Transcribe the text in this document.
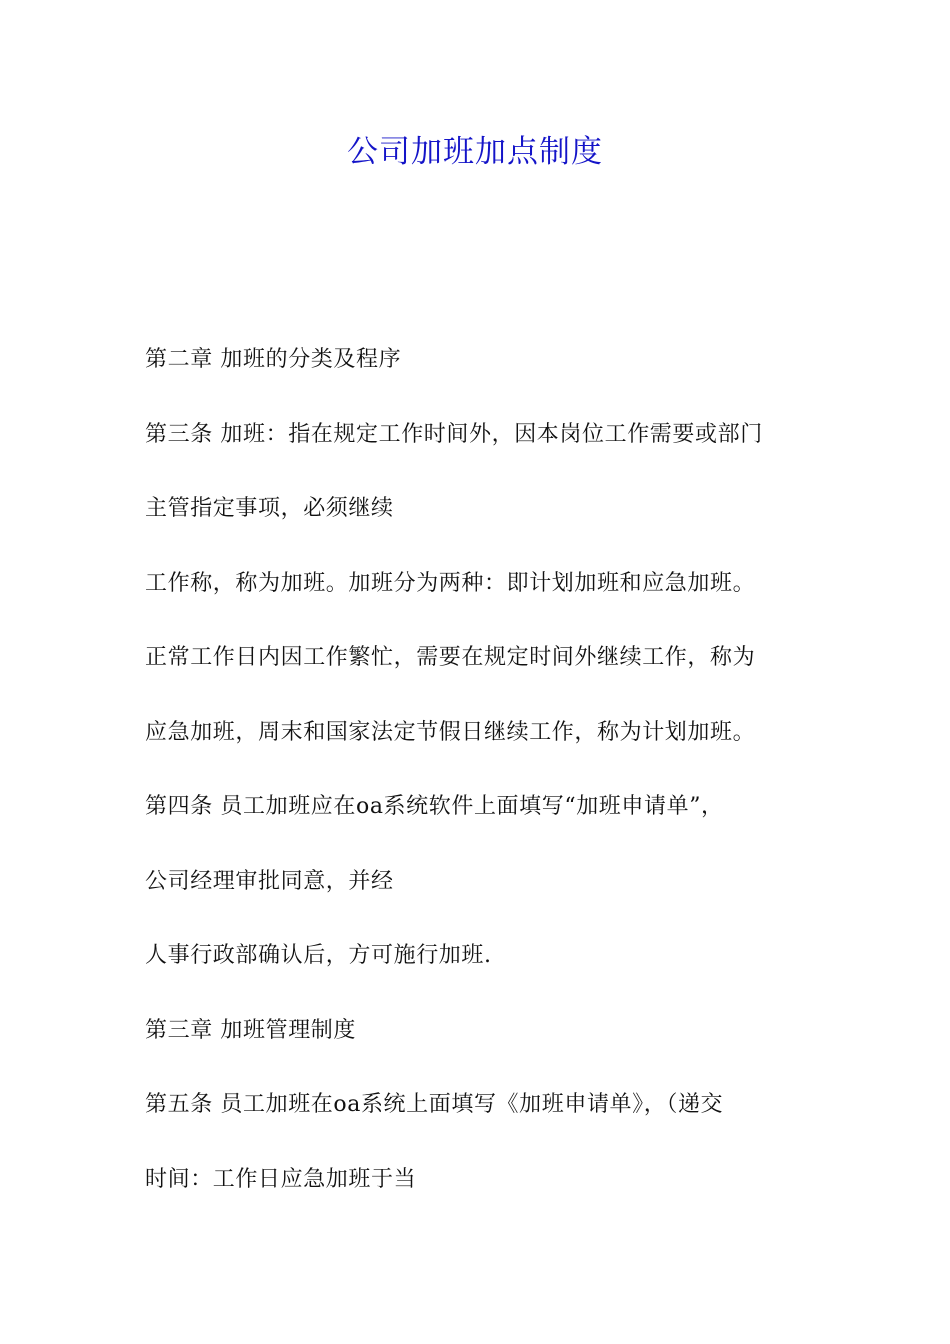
公司加班加点制度
第二章 加班的分类及程序
第三条 加班：指在规定工作时间外，因本岗位工作需要或部门
主管指定事项，必须继续
工作称，称为加班。加班分为两种：即计划加班和应急加班。
正常工作日内因工作繁忙，需要在规定时间外继续工作，称为
应急加班，周末和国家法定节假日继续工作，称为计划加班。
第四条 员工加班应在oa系统软件上面填写“加班申请单”，
公司经理审批同意，并经
人事行政部确认后，方可施行加班.
第三章 加班管理制度
第五条 员工加班在oa系统上面填写《加班申请单》，（递交
时间：工作日应急加班于当
